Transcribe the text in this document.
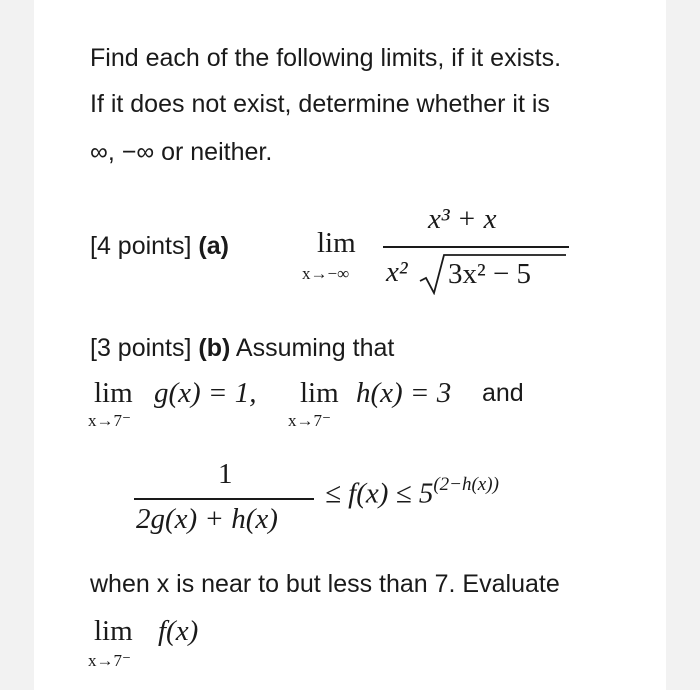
Find each of the following limits, if it exists.
If it does not exist, determine whether it is
∞, −∞ or neither.
[4 points] (a)	lim
x→−∞
x³ + x
x² 3x² − 5
[3 points] (b) Assuming that
lim
x→7⁻
g(x) = 1, lim
x→7⁻
h(x) = 3 and
1
2g(x) + h(x)
≤ $f(x) \le 5^{(2-h(x))}$
when x is near to but less than 7. Evaluate
lim
x→7⁻
f(x)
